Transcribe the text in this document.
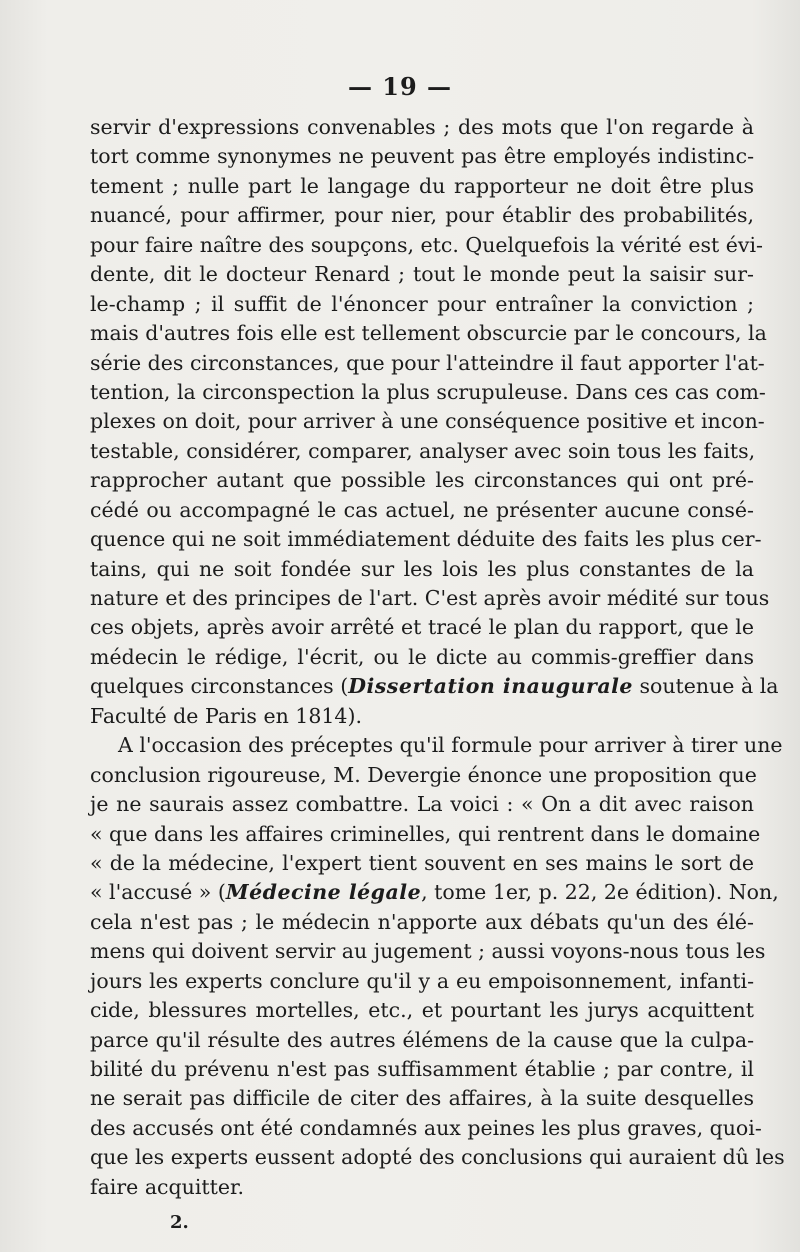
— 19 —
servir d'expressions convenables ; des mots que l'on regarde à
tort comme synonymes ne peuvent pas être employés indistinc-
tement ; nulle part le langage du rapporteur ne doit être plus
nuancé, pour affirmer, pour nier, pour établir des probabilités,
pour faire naître des soupçons, etc. Quelquefois la vérité est évi-
dente, dit le docteur Renard ; tout le monde peut la saisir sur-
le-champ ; il suffit de l'énoncer pour entraîner la conviction ;
mais d'autres fois elle est tellement obscurcie par le concours, la
série des circonstances, que pour l'atteindre il faut apporter l'at-
tention, la circonspection la plus scrupuleuse. Dans ces cas com-
plexes on doit, pour arriver à une conséquence positive et incon-
testable, considérer, comparer, analyser avec soin tous les faits,
rapprocher autant que possible les circonstances qui ont pré-
cédé ou accompagné le cas actuel, ne présenter aucune consé-
quence qui ne soit immédiatement déduite des faits les plus cer-
tains, qui ne soit fondée sur les lois les plus constantes de la
nature et des principes de l'art. C'est après avoir médité sur tous
ces objets, après avoir arrêté et tracé le plan du rapport, que le
médecin le rédige, l'écrit, ou le dicte au commis-greffier dans
quelques circonstances (Dissertation inaugurale soutenue à la
Faculté de Paris en 1814).
A l'occasion des préceptes qu'il formule pour arriver à tirer une
conclusion rigoureuse, M. Devergie énonce une proposition que
je ne saurais assez combattre. La voici : « On a dit avec raison
« que dans les affaires criminelles, qui rentrent dans le domaine
« de la médecine, l'expert tient souvent en ses mains le sort de
« l'accusé » (Médecine légale, tome 1er, p. 22, 2e édition). Non,
cela n'est pas ; le médecin n'apporte aux débats qu'un des élé-
mens qui doivent servir au jugement ; aussi voyons-nous tous les
jours les experts conclure qu'il y a eu empoisonnement, infanti-
cide, blessures mortelles, etc., et pourtant les jurys acquittent
parce qu'il résulte des autres élémens de la cause que la culpa-
bilité du prévenu n'est pas suffisamment établie ; par contre, il
ne serait pas difficile de citer des affaires, à la suite desquelles
des accusés ont été condamnés aux peines les plus graves, quoi-
que les experts eussent adopté des conclusions qui auraient dû les
faire acquitter.
2.
